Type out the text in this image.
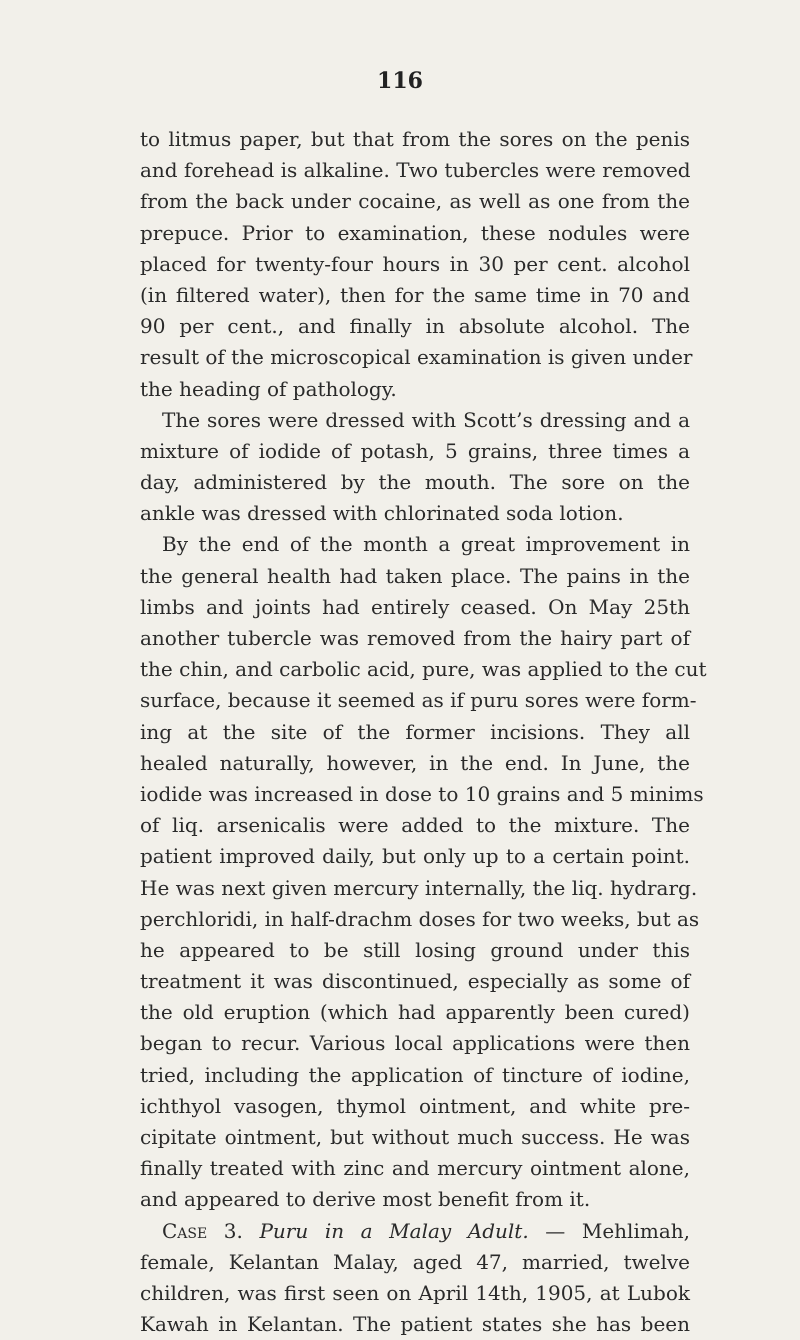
116
to litmus paper, but that from the sores on the penis
and forehead is alkaline. Two tubercles were removed
from the back under cocaine, as well as one from the
prepuce. Prior to examination, these nodules were
placed for twenty-four hours in 30 per cent. alcohol
(in filtered water), then for the same time in 70 and
90 per cent., and finally in absolute alcohol. The
result of the microscopical examination is given under
the heading of pathology.
The sores were dressed with Scott’s dressing and a
mixture of iodide of potash, 5 grains, three times a
day, administered by the mouth. The sore on the
ankle was dressed with chlorinated soda lotion.
By the end of the month a great improvement in
the general health had taken place. The pains in the
limbs and joints had entirely ceased. On May 25th
another tubercle was removed from the hairy part of
the chin, and carbolic acid, pure, was applied to the cut
surface, because it seemed as if puru sores were form-
ing at the site of the former incisions. They all
healed naturally, however, in the end. In June, the
iodide was increased in dose to 10 grains and 5 minims
of liq. arsenicalis were added to the mixture. The
patient improved daily, but only up to a certain point.
He was next given mercury internally, the liq. hydrarg.
perchloridi, in half-drachm doses for two weeks, but as
he appeared to be still losing ground under this
treatment it was discontinued, especially as some of
the old eruption (which had apparently been cured)
began to recur. Various local applications were then
tried, including the application of tincture of iodine,
ichthyol vasogen, thymol ointment, and white pre-
cipitate ointment, but without much success. He was
finally treated with zinc and mercury ointment alone,
and appeared to derive most benefit from it.
Case 3. Puru in a Malay Adult. — Mehlimah,
female, Kelantan Malay, aged 47, married, twelve
children, was first seen on April 14th, 1905, at Lubok
Kawah in Kelantan. The patient states she has been
